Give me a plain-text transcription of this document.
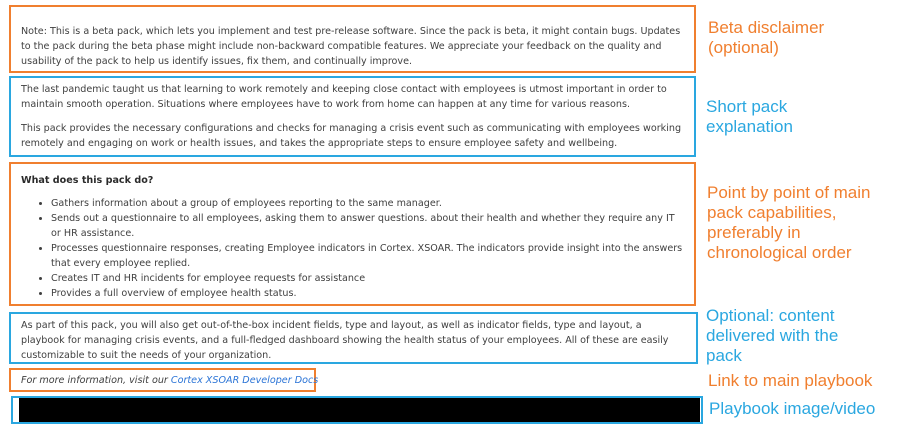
Note: This is a beta pack, which lets you implement and test pre-release software. Since the pack is beta, it might contain bugs. Updates to the pack during the beta phase might include non-backward compatible features. We appreciate your feedback on the quality and usability of the pack to help us identify issues, fix them, and continually improve.

Beta disclaimer (optional)

The last pandemic taught us that learning to work remotely and keeping close contact with employees is utmost important in order to maintain smooth operation. Situations where employees have to work from home can happen at any time for various reasons.

This pack provides the necessary configurations and checks for managing a crisis event such as communicating with employees working remotely and engaging on work or health issues, and takes the appropriate steps to ensure employee safety and wellbeing.

Short pack explanation

What does this pack do?

• Gathers information about a group of employees reporting to the same manager.
• Sends out a questionnaire to all employees, asking them to answer questions. about their health and whether they require any IT or HR assistance.
• Processes questionnaire responses, creating Employee indicators in Cortex. XSOAR. The indicators provide insight into the answers that every employee replied.
• Creates IT and HR incidents for employee requests for assistance
• Provides a full overview of employee health status.
Point by point of main pack capabilities, preferably in chronological order

As part of this pack, you will also get out-of-the-box incident fields, type and layout, as well as indicator fields, type and layout, a playbook for managing crisis events, and a full-fledged dashboard showing the health status of your employees. All of these are easily customizable to suit the needs of your organization.

Optional: content delivered with the pack
For more information, visit our Cortex XSOAR Developer Docs	Link to main playbook
Playbook image/video
